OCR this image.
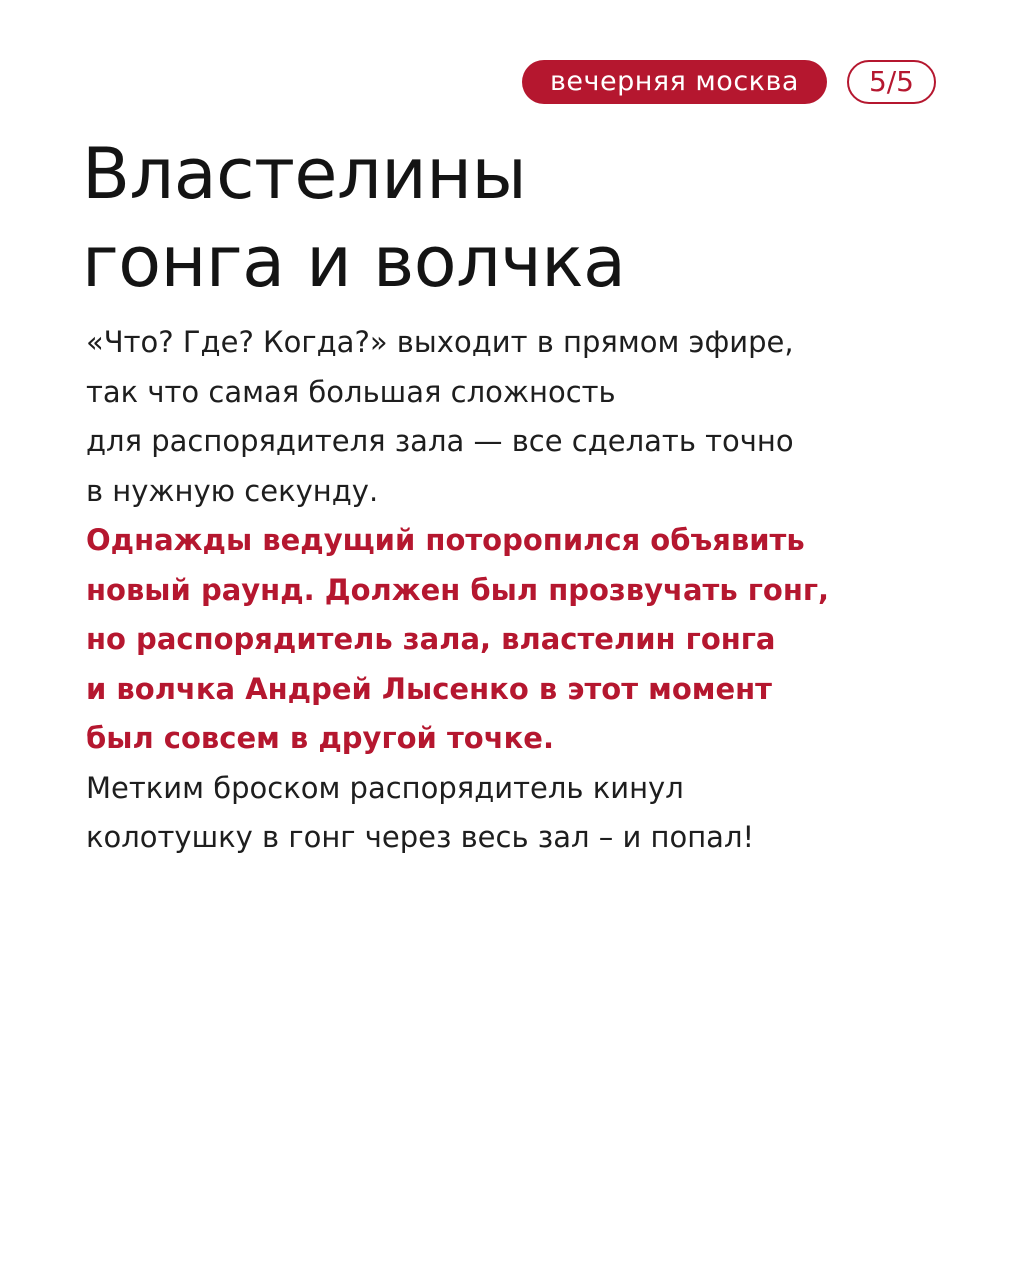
вечерняя москва	5/5
Властелины
гонга и волчка
«Что? Где? Когда?» выходит в прямом эфире,
так что самая большая сложность
для распорядителя зала — все сделать точно
в нужную секунду.
Однажды ведущий поторопился объявить
новый раунд. Должен был прозвучать гонг,
но распорядитель зала, властелин гонга
и волчка Андрей Лысенко в этот момент
был совсем в другой точке.
Метким броском распорядитель кинул
колотушку в гонг через весь зал – и попал!
